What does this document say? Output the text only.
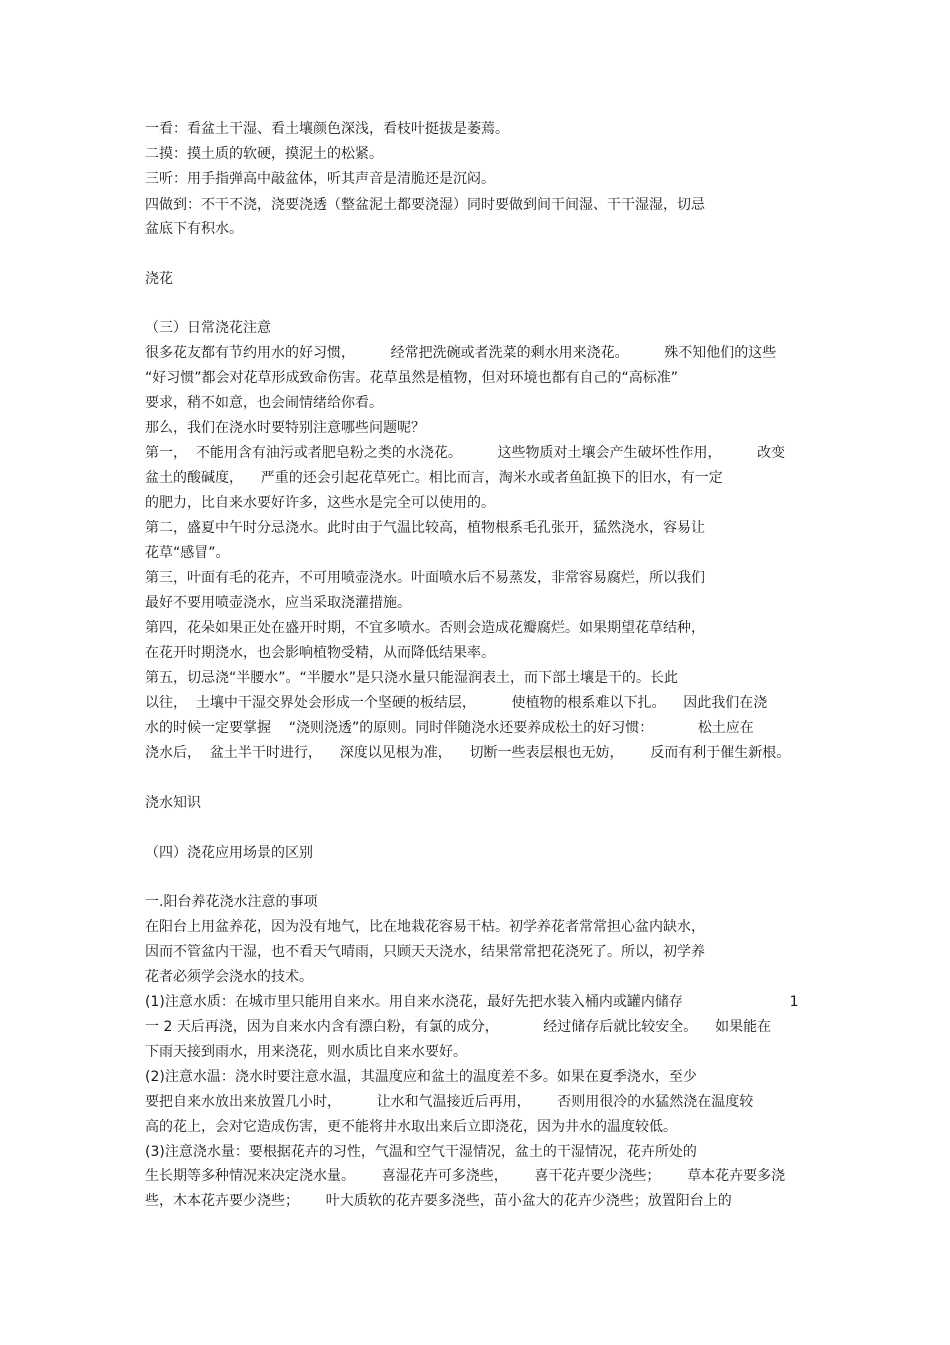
一看：看盆土干湿、看土壤颜色深浅，看枝叶挺拔是萎蔫。
二摸：摸土质的软硬，摸泥土的松紧。
三听：用手指弹高中敲盆体，听其声音是清脆还是沉闷。
四做到：不干不浇，浇要浇透（整盆泥土都要浇湿）同时要做到间干间湿、干干湿湿，切忌
盆底下有积水。
浇花
（三）日常浇花注意
很多花友都有节约用水的好习惯，        经常把洗碗或者洗菜的剩水用来浇花。        殊不知他们的这些
“好习惯”都会对花草形成致命伤害。花草虽然是植物，但对环境也都有自己的“高标准”
要求，稍不如意，也会闹情绪给你看。
那么，我们在浇水时要特别注意哪些问题呢？
第一，  不能用含有油污或者肥皂粉之类的水浇花。        这些物质对土壤会产生破坏性作用，        改变
盆土的酸碱度，    严重的还会引起花草死亡。相比而言，淘米水或者鱼缸换下的旧水，有一定
的肥力，比自来水要好许多，这些水是完全可以使用的。
第二，盛夏中午时分忌浇水。此时由于气温比较高，植物根系毛孔张开，猛然浇水，容易让
花草“感冒”。
第三，叶面有毛的花卉，不可用喷壶浇水。叶面喷水后不易蒸发，非常容易腐烂，所以我们
最好不要用喷壶浇水，应当采取浇灌措施。
第四，花朵如果正处在盛开时期，不宜多喷水。否则会造成花瓣腐烂。如果期望花草结种，
在花开时期浇水，也会影响植物受精，从而降低结果率。
第五，切忌浇“半腰水”。“半腰水”是只浇水量只能湿润表土，而下部土壤是干的。长此
以往，  土壤中干湿交界处会形成一个坚硬的板结层，        使植物的根系难以下扎。    因此我们在浇
水的时候一定要掌握    “浇则浇透”的原则。同时伴随浇水还要养成松土的好习惯：          松土应在
浇水后，  盆土半干时进行，    深度以见根为准，    切断一些表层根也无妨，      反而有利于催生新根。
浇水知识
（四）浇花应用场景的区别
一.阳台养花浇水注意的事项
在阳台上用盆养花，因为没有地气，比在地栽花容易干枯。初学养花者常常担心盆内缺水，
因而不管盆内干湿，也不看天气晴雨，只顾天天浇水，结果常常把花浇死了。所以，初学养
花者必须学会浇水的技术。
(1)注意水质：在城市里只能用自来水。用自来水浇花，最好先把水装入桶内或罐内储存                        1
一 2 天后再浇，因为自来水内含有漂白粉，有氯的成分，          经过储存后就比较安全。    如果能在
下雨天接到雨水，用来浇花，则水质比自来水要好。
(2)注意水温：浇水时要注意水温，其温度应和盆土的温度差不多。如果在夏季浇水，至少
要把自来水放出来放置几小时，        让水和气温接近后再用，      否则用很冷的水猛然浇在温度较
高的花上，会对它造成伤害，更不能将井水取出来后立即浇花，因为井水的温度较低。
(3)注意浇水量：要根据花卉的习性，气温和空气干湿情况，盆土的干湿情况，花卉所处的
生长期等多种情况来决定浇水量。      喜湿花卉可多浇些，      喜干花卉要少浇些；      草本花卉要多浇
些，木本花卉要少浇些；      叶大质软的花卉要多浇些，苗小盆大的花卉少浇些；放置阳台上的
